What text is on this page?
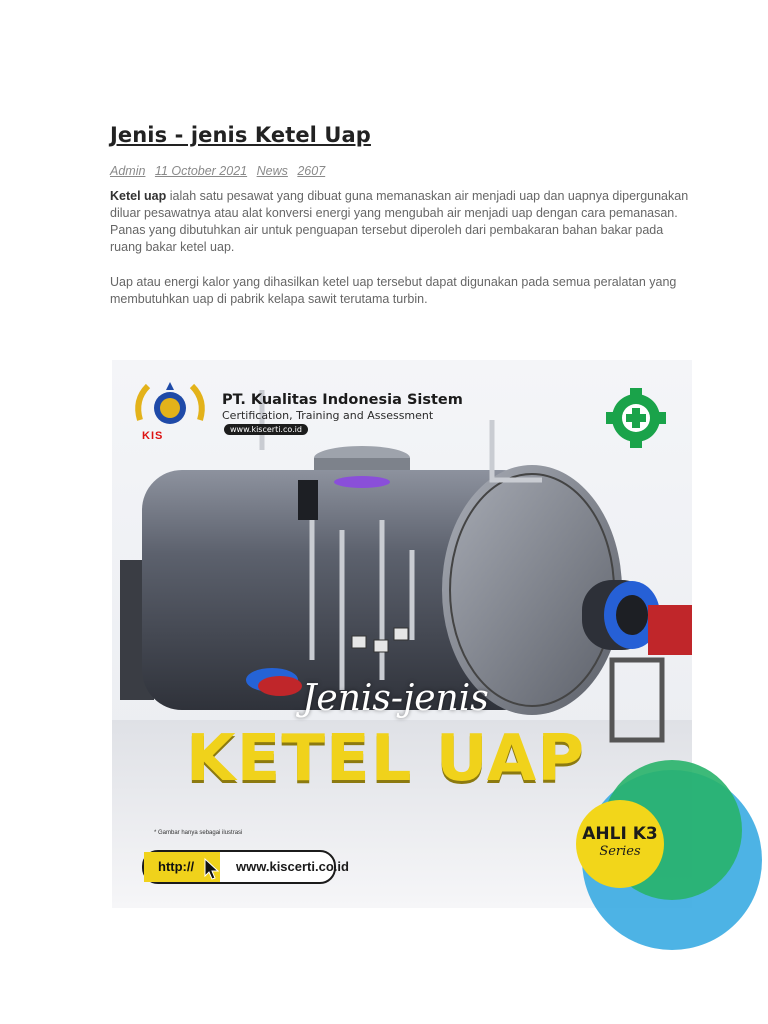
Jenis - jenis Ketel Uap
Admin 11 October 2021 News 2607

Ketel uap ialah satu pesawat yang dibuat guna memanaskan air menjadi uap dan uapnya dipergunakan diluar pesawatnya atau alat konversi energi yang mengubah air menjadi uap dengan cara pemanasan. Panas yang dibutuhkan air untuk penguapan tersebut diperoleh dari pembakaran bahan bakar pada ruang bakar ketel uap.

Uap atau energi kalor yang dihasilkan ketel uap tersebut dapat digunakan pada semua peralatan yang membutuhkan uap di pabrik kelapa sawit terutama turbin.

KIS
PT. Kualitas Indonesia Sistem
Certification, Training and Assessment
www.kiscerti.co.id
Jenis-jenis
KETEL UAP
* Gambar hanya sebagai ilustrasi
http://	www.kiscerti.co.id
AHLI K3
Series
